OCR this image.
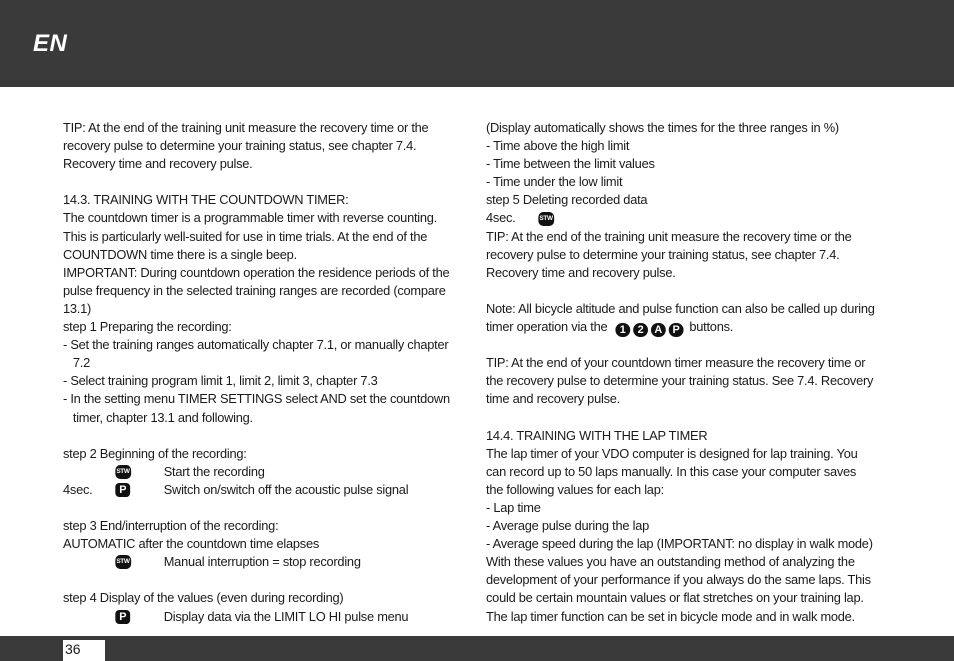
EN
TIP: At the end of the training unit measure the recovery time or the
recovery pulse to determine your training status, see chapter 7.4.
Recovery time and recovery pulse.
14.3. TRAINING WITH THE COUNTDOWN TIMER:
The countdown timer is a programmable timer with reverse counting.
This is particularly well-suited for use in time trials. At the end of the
COUNTDOWN time there is a single beep.
IMPORTANT: During countdown operation the residence periods of the
pulse frequency in the selected training ranges are recorded (compare
13.1)
step 1 Preparing the recording:
- Set the training ranges automatically chapter 7.1, or manually chapter
7.2
- Select training program limit 1, limit 2, limit 3, chapter 7.3
- In the setting menu TIMER SETTINGS select AND set the countdown
timer, chapter 13.1 and following.
step 2 Beginning of the recording:
STW	Start the recording
4sec.	P	Switch on/switch off the acoustic pulse signal
step 3 End/interruption of the recording:
AUTOMATIC after the countdown time elapses
STW	Manual interruption = stop recording
step 4 Display of the values (even during recording)
P	Display data via the LIMIT LO HI pulse menu
(Display automatically shows the times for the three ranges in %)
- Time above the high limit
- Time between the limit values
- Time under the low limit
step 5 Deleting recorded data
4sec.	STW
TIP: At the end of the training unit measure the recovery time or the
recovery pulse to determine your training status, see chapter 7.4.
Recovery time and recovery pulse.
Note: All bicycle altitude and pulse function can also be called up during
timer operation via the	1	2	A P buttons.
TIP: At the end of your countdown timer measure the recovery time or
the recovery pulse to determine your training status. See 7.4. Recovery
time and recovery pulse.
14.4. TRAINING WITH THE LAP TIMER
The lap timer of your VDO computer is designed for lap training. You
can record up to 50 laps manually. In this case your computer saves
the following values for each lap:
- Lap time
- Average pulse during the lap
- Average speed during the lap (IMPORTANT: no display in walk mode)
With these values you have an outstanding method of analyzing the
development of your performance if you always do the same laps. This
could be certain mountain values or flat stretches on your training lap.
The lap timer function can be set in bicycle mode and in walk mode.
36
